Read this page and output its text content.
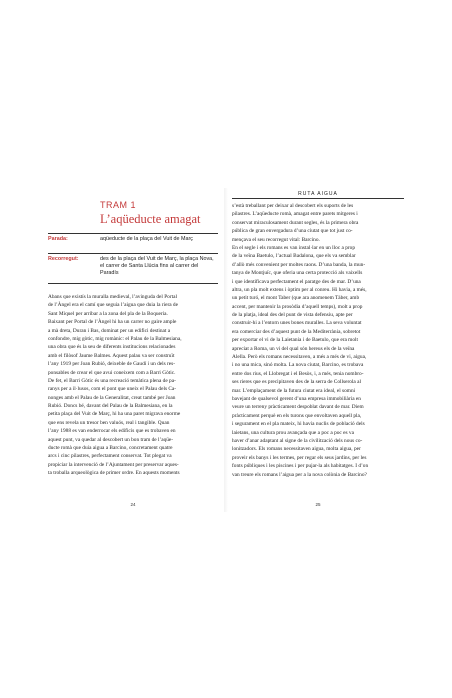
TRAM 1
L’aqüeducte amagat
Parada:	aqüeducte de la plaça del Vuit de Març
Recorregut:	des de la plaça del Vuit de Març, la plaça Nova, el carrer de Santa Llúcia fins al carrer del Paradís
Abans que existís la muralla medieval, l’avinguda del Portal
de l’Àngel era el camí que seguia l’aigua que duia la riera de
Sant Miquel per arribar a la zona del pla de la Boqueria.
Baixant per Portal de l’Àngel hi ha un carrer no gaire ample
a mà dreta, Duran i Bas, dominat per un edifici destinat a
confondre, mig gòtic, mig romànic: el Palau de la Balmesiana,
una obra que és la seu de diferents institucions relacionades
amb el filòsof Jaume Balmes. Aquest palau va ser construït
l’any 1919 per Joan Rubió, deixeble de Gaudí i un dels res-
ponsables de crear el que avui coneixem com a Barri Gòtic.
De fet, el Barri Gòtic és una recreació temàtica plena de pa-
ranys per a il·lusos, com el pont que uneix el Palau dels Ca-
nonges amb el Palau de la Generalitat, creat també per Joan
Rubió. Doncs bé, davant del Palau de la Balmesiana, en la
petita plaça del Vuit de Març, hi ha una paret migrava enorme
que ens revela un tresor ben valuós, real i tangible. Quan
l’any 1988 es van enderrocar els edificis que es trobaven en
aquest punt, va quedar al descobert un bon tram de l’aqüe-
ducte romà que duia aigua a Barcino, concretament quatre
arcs i cinc pilastres, perfectament conservat. Tot plegat va
propiciar la intervenció de l’Ajuntament per preservar aques-
ta troballa arqueològica de primer ordre. En aquests moments
24
RUTA AIGUA
s’està treballant per deixar al descobert els suports de les
pilastres. L’aqüeducte romà, amagat entre parets mitgeres i
conservat miraculosament durant segles, és la primera obra
pública de gran envergadura d’una ciutat que tot just co-
mençava el seu recorregut vital: Barcino.
En el segle i els romans es van instal·lar en un lloc a prop
de la veïna Baetulo, l’actual Badalona, que els va semblar
d’allò més convenient per moltes raons. D’una banda, la mun-
tanya de Montjuïc, que oferia una certa protecció als vaixells
i que identificava perfectament el paratge des de mar. D’una
altra, un pla molt extens i òptim per al conreu. Hi havia, a més,
un petit turó, el mont Taber (que ara anomenem Tàber, amb
accent, per mantenir la prosòdia d’aquell temps), molt a prop
de la platja, ideal des del punt de vista defensiu, apte per
construir-hi a l’entorn unes bones muralles. La seva voluntat
era comerciar des d’aquest punt de la Mediterrània, sobretot
per exportar el vi de la Laietania i de Baetulo, que era molt
apreciat a Roma, un vi del qual són hereus els de la veïna
Alella. Però els romans necessitaven, a més a més de vi, aigua,
i no una mica, sinó molta. La nova ciutat, Barcino, es trobava
entre dos rius, el Llobregat i el Besòs, i, a més, tenia nombro-
ses rieres que es precipitaven des de la serra de Collserola al
mar. L’emplaçament de la futura ciutat era ideal, el somni
bavejant de qualsevol gerent d’una empresa immobiliària en
veure un terreny pràcticament despoblat davant de mar. Diem
pràcticament perquè en els turons que envoltaven aquell pla,
i segurament en el pla mateix, hi havia nuclis de població dels
laietans, una cultura prou avançada que a poc a poc es va
haver d’anar adaptant al signe de la civilització dels nous co-
lonitzadors. Els romans necessitaven aigua, molta aigua, per
proveir els banys i les termes, per regar els seus jardins, per les
fonts públiques i les piscines i per pujar-la als habitatges. I d’on
van treure els romans l’aigua per a la nova colònia de Barcino?
25
